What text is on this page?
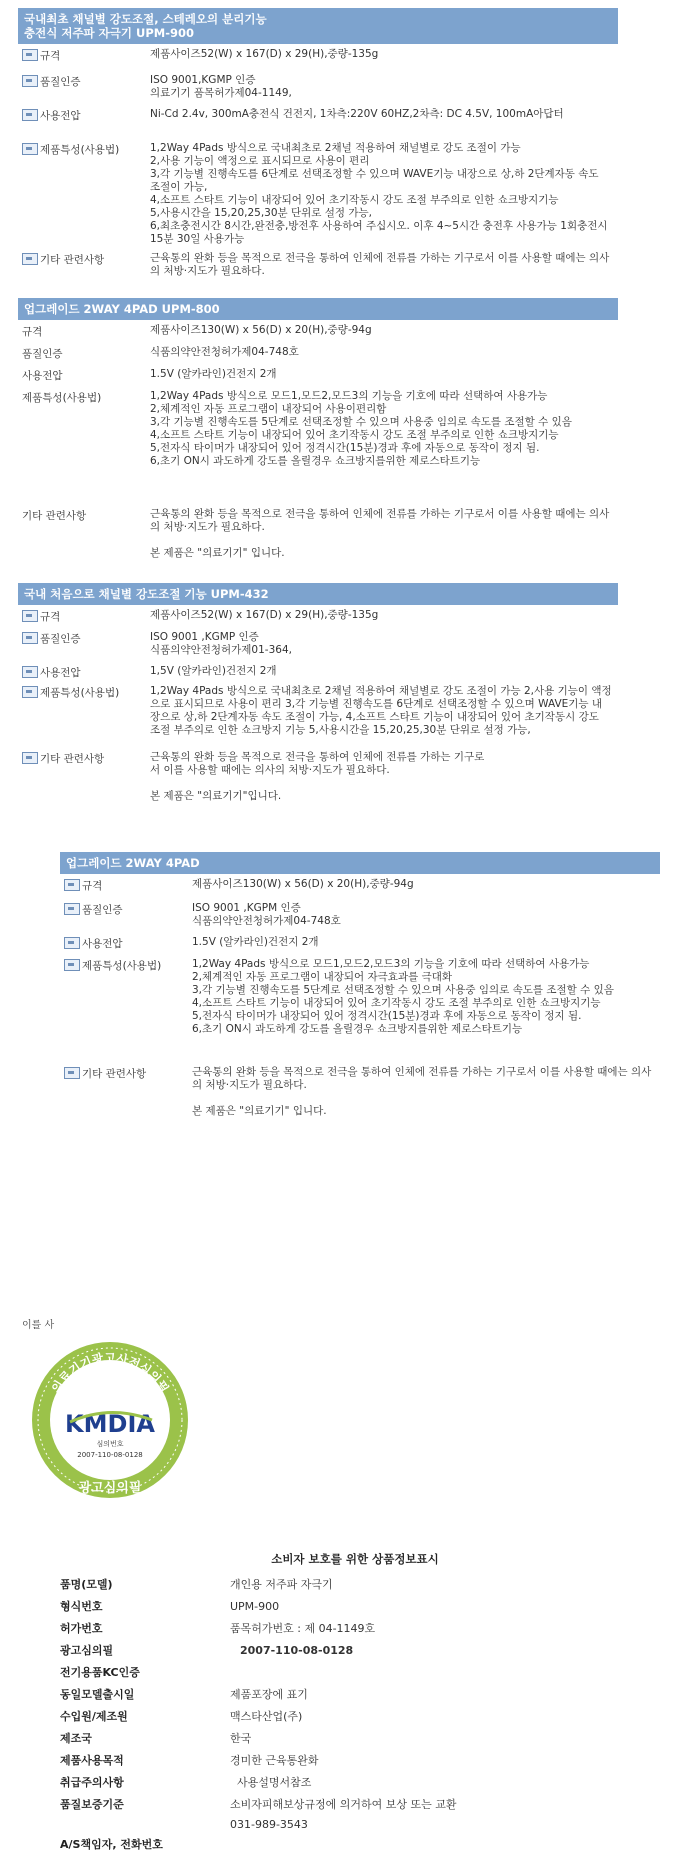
국내최초 채널별 강도조절, 스테레오의 분리기능
충전식 저주파 자극기 UPM-900
규격	제품사이즈52(W) x 167(D) x 29(H),중량-135g
품질인증	ISO 9001,KGMP 인증
의료기기 품목허가제04-1149,
사용전압	Ni-Cd 2.4v, 300mA충전식 건전지, 1차측:220V 60HZ,2차측: DC 4.5V, 100mA아답터
제품특성(사용법)	1,2Way 4Pads 방식으로 국내최초로 2채널 적용하여 채널별로 강도 조절이 가능
2,사용 기능이 액정으로 표시되므로 사용이 편리
3,각 기능별 진행속도를 6단계로 선택조정할 수 있으며 WAVE기능 내장으로 상,하 2단계자동 속도 조절이 가능,
4,소프트 스타트 기능이 내장되어 있어 초기작동시 강도 조절 부주의로 인한 쇼크방지기능
5,사용시간을 15,20,25,30분 단위로 설정 가능,
6,최초충전시간 8시간,완전충,방전후 사용하여 주십시오. 이후 4~5시간 충전후 사용가능 1회충전시 15분 30일 사용가능
기타 관련사항	근육통의 완화 등을 목적으로 전극을 통하여 인체에 전류를 가하는 기구로서 이를 사용할 때에는 의사의 처방·지도가 필요하다.
업그레이드 2WAY 4PAD UPM-800
규격	제품사이즈130(W) x 56(D) x 20(H),중량-94g
품질인증	식품의약안전청허가제04-748호
사용전압	1.5V (알카라인)건전지 2개
제품특성(사용법)	1,2Way 4Pads 방식으로 모드1,모드2,모드3의 기능을 기호에 따라 선택하여 사용가능
2,체계적인 자동 프로그램이 내장되어 사용이편리함
3,각 기능별 진행속도를 5단계로 선택조정할 수 있으며 사용중 임의로 속도를 조절할 수 있음
4,소프트 스타트 기능이 내장되어 있어 초기작동시 강도 조절 부주의로 인한 쇼크방지기능
5,전자식 타이머가 내장되어 있어 정격시간(15분)경과 후에 자동으로 동작이 정지 됨.
6,초기 ON시 과도하게 강도를 올릴경우 쇼크방지를위한 제로스타트기능
기타 관련사항	근육통의 완화 등을 목적으로 전극을 통하여 인체에 전류를 가하는 기구로서 이를 사용할 때에는 의사의 처방·지도가 필요하다.

본 제품은 "의료기기" 입니다.
국내 처음으로 채널별 강도조절 기능 UPM-432
규격	제품사이즈52(W) x 167(D) x 29(H),중량-135g
품질인증	ISO 9001 ,KGMP 인증
식품의약안전청허가제01-364,
사용전압	1,5V (알카라인)건전지 2개
제품특성(사용법)	1,2Way 4Pads 방식으로 국내최초로 2채널 적용하여 채널별로 강도 조절이 가능 2,사용 기능이 액정으로 표시되므로 사용이 편리 3,각 기능별 진행속도를 6단계로 선택조정할 수 있으며 WAVE기능 내장으로 상,하 2단계자동 속도 조절이 가능, 4,소프트 스타트 기능이 내장되어 있어 초기작동시 강도 조절 부주의로 인한 쇼크방지 기능 5,사용시간을 15,20,25,30분 단위로 설정 가능,
기타 관련사항	근육통의 완화 등을 목적으로 전극을 통하여 인체에 전류를 가하는 기구로
서 이를 사용할 때에는 의사의 처방·지도가 필요하다.

본 제품은 "의료기기"입니다.
업그레이드 2WAY 4PAD
규격	제품사이즈130(W) x 56(D) x 20(H),중량-94g
품질인증	ISO 9001 ,KGPM 인증
식품의약안전청허가제04-748호
사용전압	1.5V (알카라인)건전지 2개
제품특성(사용법)	1,2Way 4Pads 방식으로 모드1,모드2,모드3의 기능을 기호에 따라 선택하여 사용가능
2,체계적인 자동 프로그램이 내장되어 자극효과를 극대화
3,각 기능별 진행속도를 5단계로 선택조정할 수 있으며 사용중 임의로 속도를 조절할 수 있음
4,소프트 스타트 기능이 내장되어 있어 초기작동시 강도 조절 부주의로 인한 쇼크방지기능
5,전자식 타이머가 내장되어 있어 정격시간(15분)경과 후에 자동으로 동작이 정지 됨.
6,초기 ON시 과도하게 강도를 올릴경우 쇼크방지를위한 제로스타트기능
기타 관련사항	근육통의 완화 등을 목적으로 전극을 통하여 인체에 전류를 가하는 기구로서 이를 사용할 때에는 의사의 처방·지도가 필요하다.

본 제품은 "의료기기" 입니다.
이를 사
의료기기광고사전심의필
KMDIA
심의번호
2007-110-08-0128
광고심의필
소비자 보호를 위한 상품정보표시
품명(모델)	개인용 저주파 자극기
형식번호	UPM-900
허가번호	품목허가번호 : 제 04-1149호
광고심의필	2007-110-08-0128
전기용품KC인증
동일모델출시일	제품포장에 표기
수입원/제조원	맥스타산업(주)
제조국	한국
제품사용목적	경미한 근육통완화
취급주의사항	사용설명서참조
품질보증기준	소비자피해보상규정에 의거하여 보상 또는 교환
031-989-3543
A/S책임자, 전화번호
